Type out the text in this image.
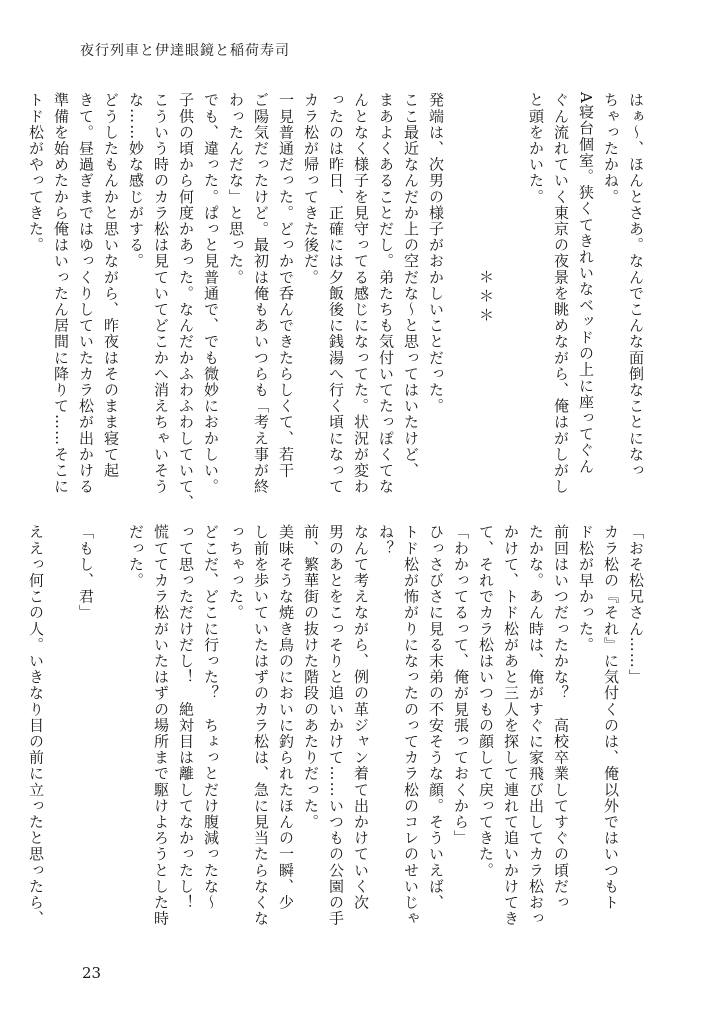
夜行列車と伊達眼鏡と稲荷寿司
はぁ〜、ほんとさあ。なんでこんな面倒なことになっ
ちゃったかね。
A寝台個室。狭くてきれいなベッドの上に座ってぐん
ぐん流れていく東京の夜景を眺めながら、俺はがしがし
と頭をかいた。
＊＊＊
発端は、次男の様子がおかしいことだった。
ここ最近なんだか上の空だな〜と思ってはいたけど、
まあよくあることだし。弟たちも気付いてたっぽくてな
んとなく様子を見守ってる感じになってた。状況が変わ
ったのは昨日、正確には夕飯後に銭湯へ行く頃になって
カラ松が帰ってきた後だ。
一見普通だった。どっかで呑んできたらしくて、若干
ご陽気だったけど。最初は俺もあいつらも「考え事が終
わったんだな」と思った。
でも、違った。ぱっと見普通で、でも微妙におかしい。
子供の頃から何度かあった。なんだかふわふわしていて、
こういう時のカラ松は見ていてどこかへ消えちゃいそう
な……妙な感じがする。
どうしたもんかと思いながら、昨夜はそのまま寝て起
きて。昼過ぎまではゆっくりしていたカラ松が出かける
準備を始めたから俺はいったん居間に降りて……そこに
トド松がやってきた。
「おそ松兄さん……」
カラ松の『それ』に気付くのは、俺以外ではいつもト
ド松が早かった。
前回はいつだったかな？　高校卒業してすぐの頃だっ
たかな。あん時は、俺がすぐに家飛び出してカラ松おっ
かけて、トド松があと三人を探して連れて追いかけてき
て、それでカラ松はいつもの顔して戻ってきた。
「わかってるって、俺が見張っておくから」
ひっさびさに見る末弟の不安そうな顔。そういえば、
トド松が怖がりになったのってカラ松のコレのせいじゃ
ね？
なんて考えながら、例の革ジャン着て出かけていく次
男のあとをこっそりと追いかけて……いつもの公園の手
前、繁華街の抜けた階段のあたりだった。
美味そうな焼き鳥のにおいに釣られたほんの一瞬、少
し前を歩いていたはずのカラ松は、急に見当たらなくな
っちゃった。
どこだ、どこに行った？　ちょっとだけ腹減ったな〜
って思っただけだし！　絶対目は離してなかったし！
慌ててカラ松がいたはずの場所まで駆けよろうとした時
だった。
「もし、君」
ええっ何この人。いきなり目の前に立ったと思ったら、
23
